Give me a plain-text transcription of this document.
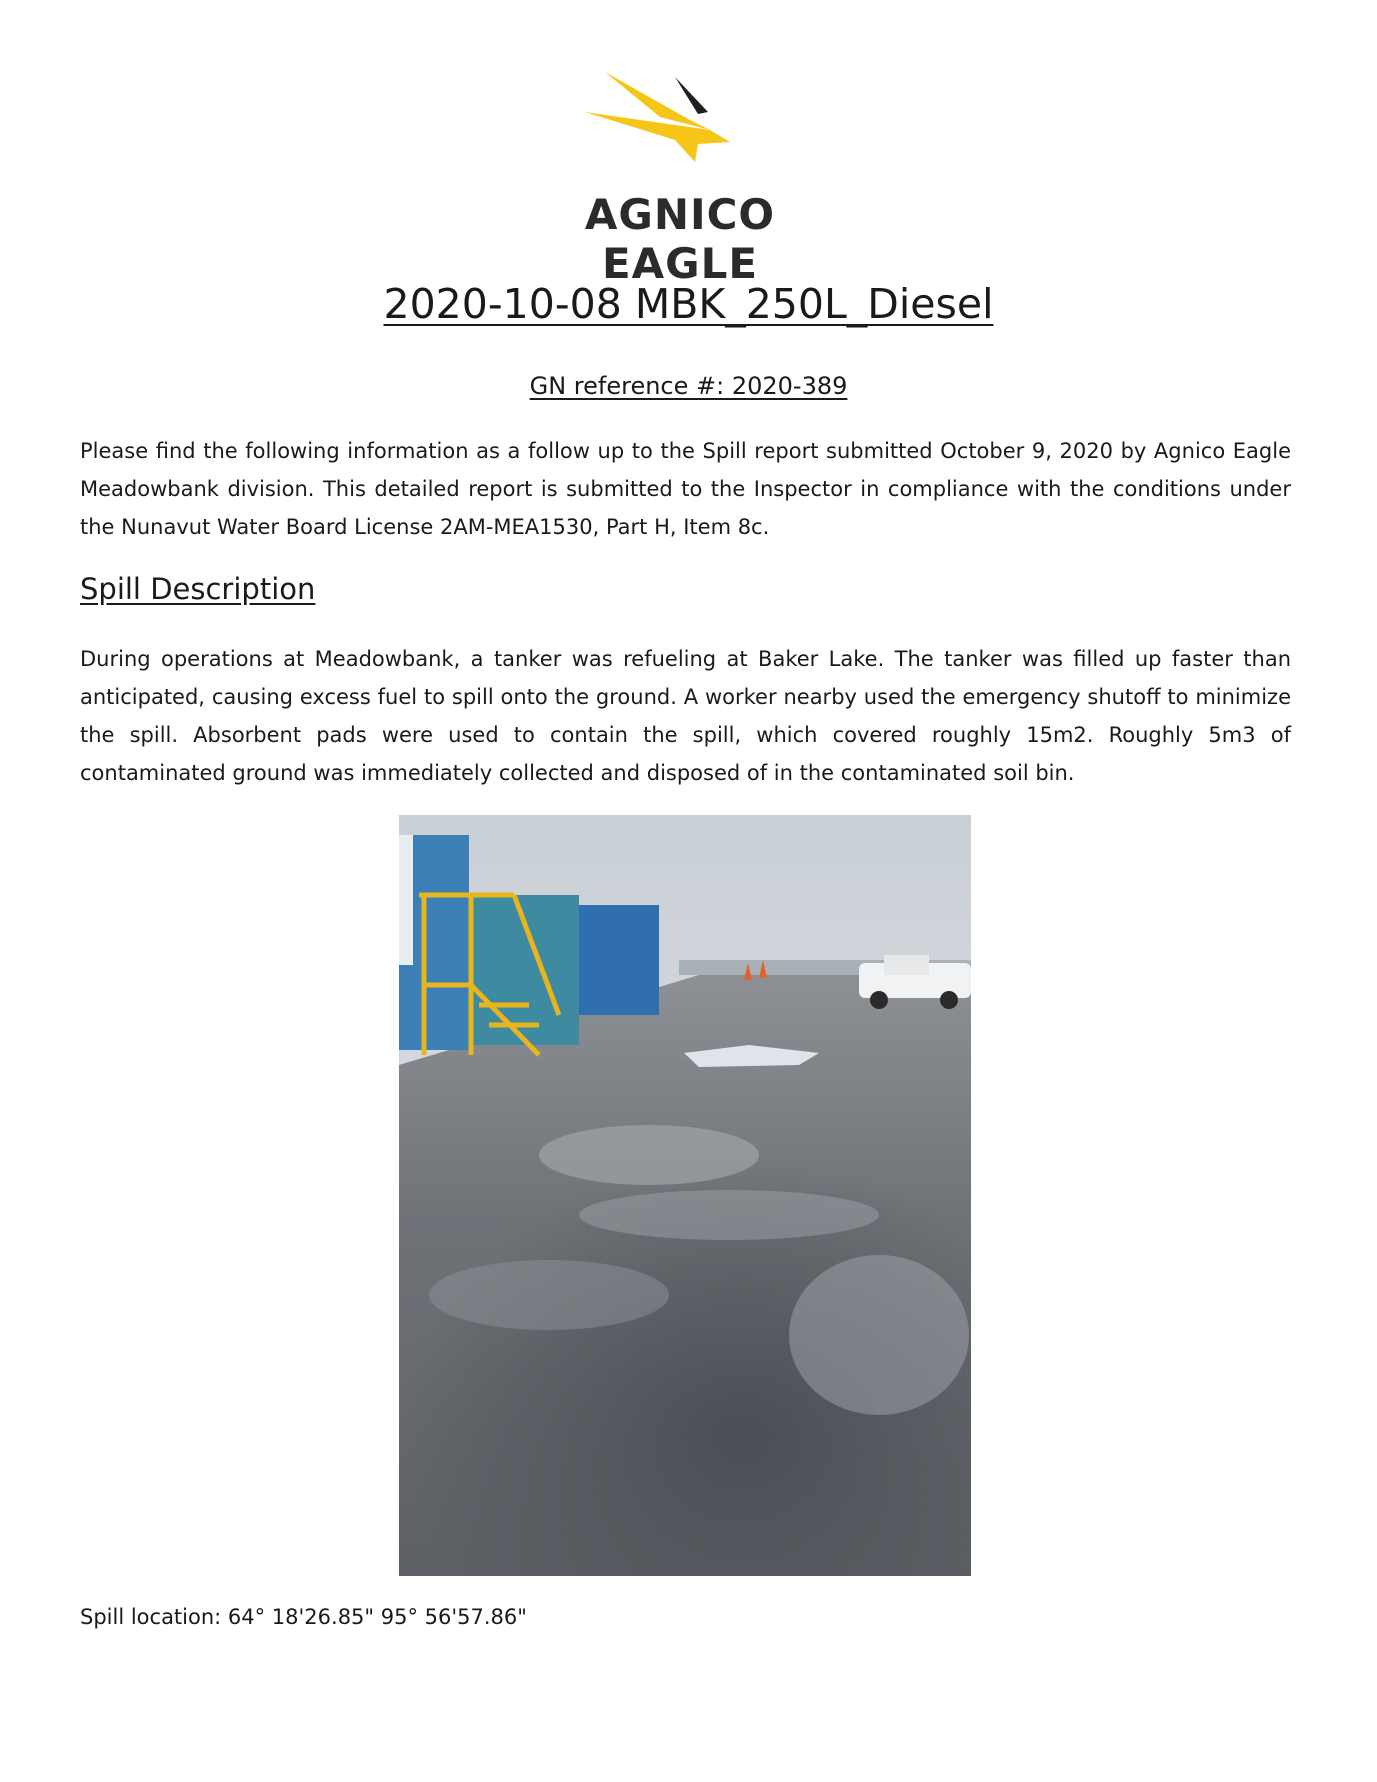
AGNICO EAGLE
2020-10-08 MBK_250L_Diesel
GN reference #: 2020-389

Please find the following information as a follow up to the Spill report submitted October 9, 2020 by Agnico Eagle Meadowbank division. This detailed report is submitted to the Inspector in compliance with the conditions under the Nunavut Water Board License 2AM-MEA1530, Part H, Item 8c.

Spill Description

During operations at Meadowbank, a tanker was refueling at Baker Lake. The tanker was filled up faster than anticipated, causing excess fuel to spill onto the ground. A worker nearby used the emergency shutoff to minimize the spill. Absorbent pads were used to contain the spill, which covered roughly 15m2. Roughly 5m3 of contaminated ground was immediately collected and disposed of in the contaminated soil bin.

Spill location: 64° 18'26.85" 95° 56'57.86"
